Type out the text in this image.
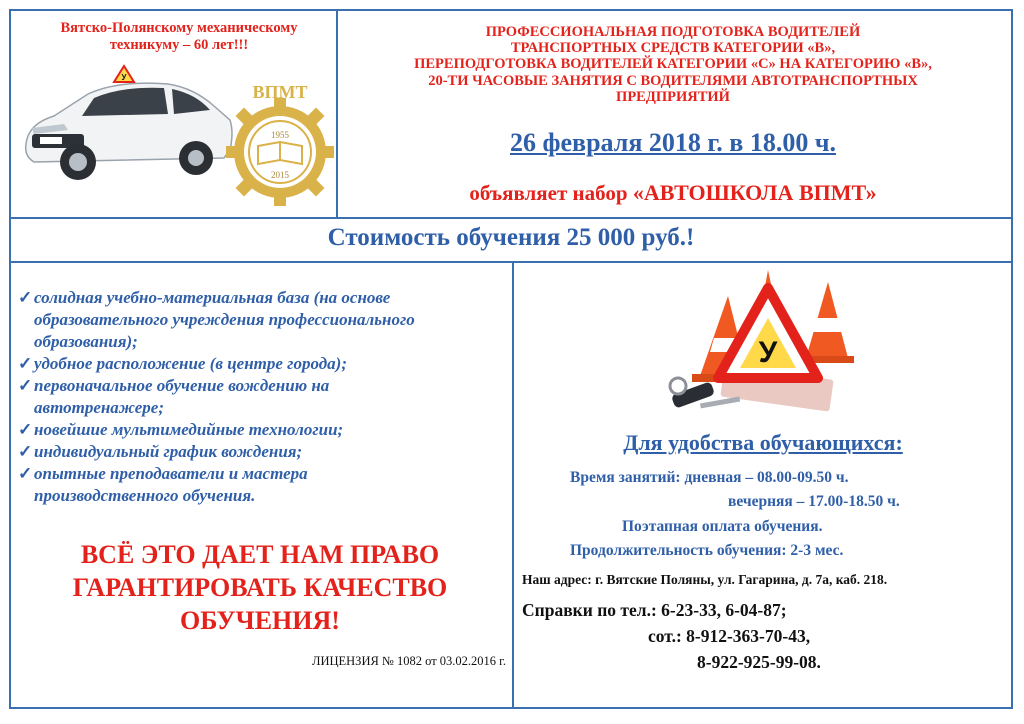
Вятско-Полянскому механическому
техникуму – 60 лет!!!
У
ВПМТ
1955
2015
ПРОФЕССИОНАЛЬНАЯ ПОДГОТОВКА ВОДИТЕЛЕЙ
ТРАНСПОРТНЫХ СРЕДСТВ КАТЕГОРИИ «В»,
ПЕРЕПОДГОТОВКА ВОДИТЕЛЕЙ КАТЕГОРИИ «С» НА КАТЕГОРИЮ «В»,
20-ТИ ЧАСОВЫЕ ЗАНЯТИЯ С ВОДИТЕЛЯМИ АВТОТРАНСПОРТНЫХ
ПРЕДПРИЯТИЙ
26 февраля 2018 г. в 18.00 ч.
объявляет набор «АВТОШКОЛА ВПМТ»
Стоимость обучения 25 000 руб.!
✓ солидная учебно-материальная база (на основе
образовательного учреждения профессионального
образования);
✓ удобное расположение (в центре города);
✓ первоначальное обучение вождению на
автотренажере;
✓ новейшие мультимедийные технологии;
✓ индивидуальный график вождения;
✓ опытные преподаватели и мастера
производственного обучения.
ВСЁ ЭТО ДАЕТ НАМ ПРАВО
ГАРАНТИРОВАТЬ КАЧЕСТВО
ОБУЧЕНИЯ!
ЛИЦЕНЗИЯ № 1082 от 03.02.2016 г.
У
Для удобства обучающихся:
Время занятий: дневная – 08.00-09.50 ч.
вечерняя – 17.00-18.50 ч.
Поэтапная оплата обучения.
Продолжительность обучения: 2-3 мес.
Наш адрес: г. Вятские Поляны, ул. Гагарина, д. 7а, каб. 218.
Справки по тел.: 6-23-33, 6-04-87;
сот.: 8-912-363-70-43,
8-922-925-99-08.
